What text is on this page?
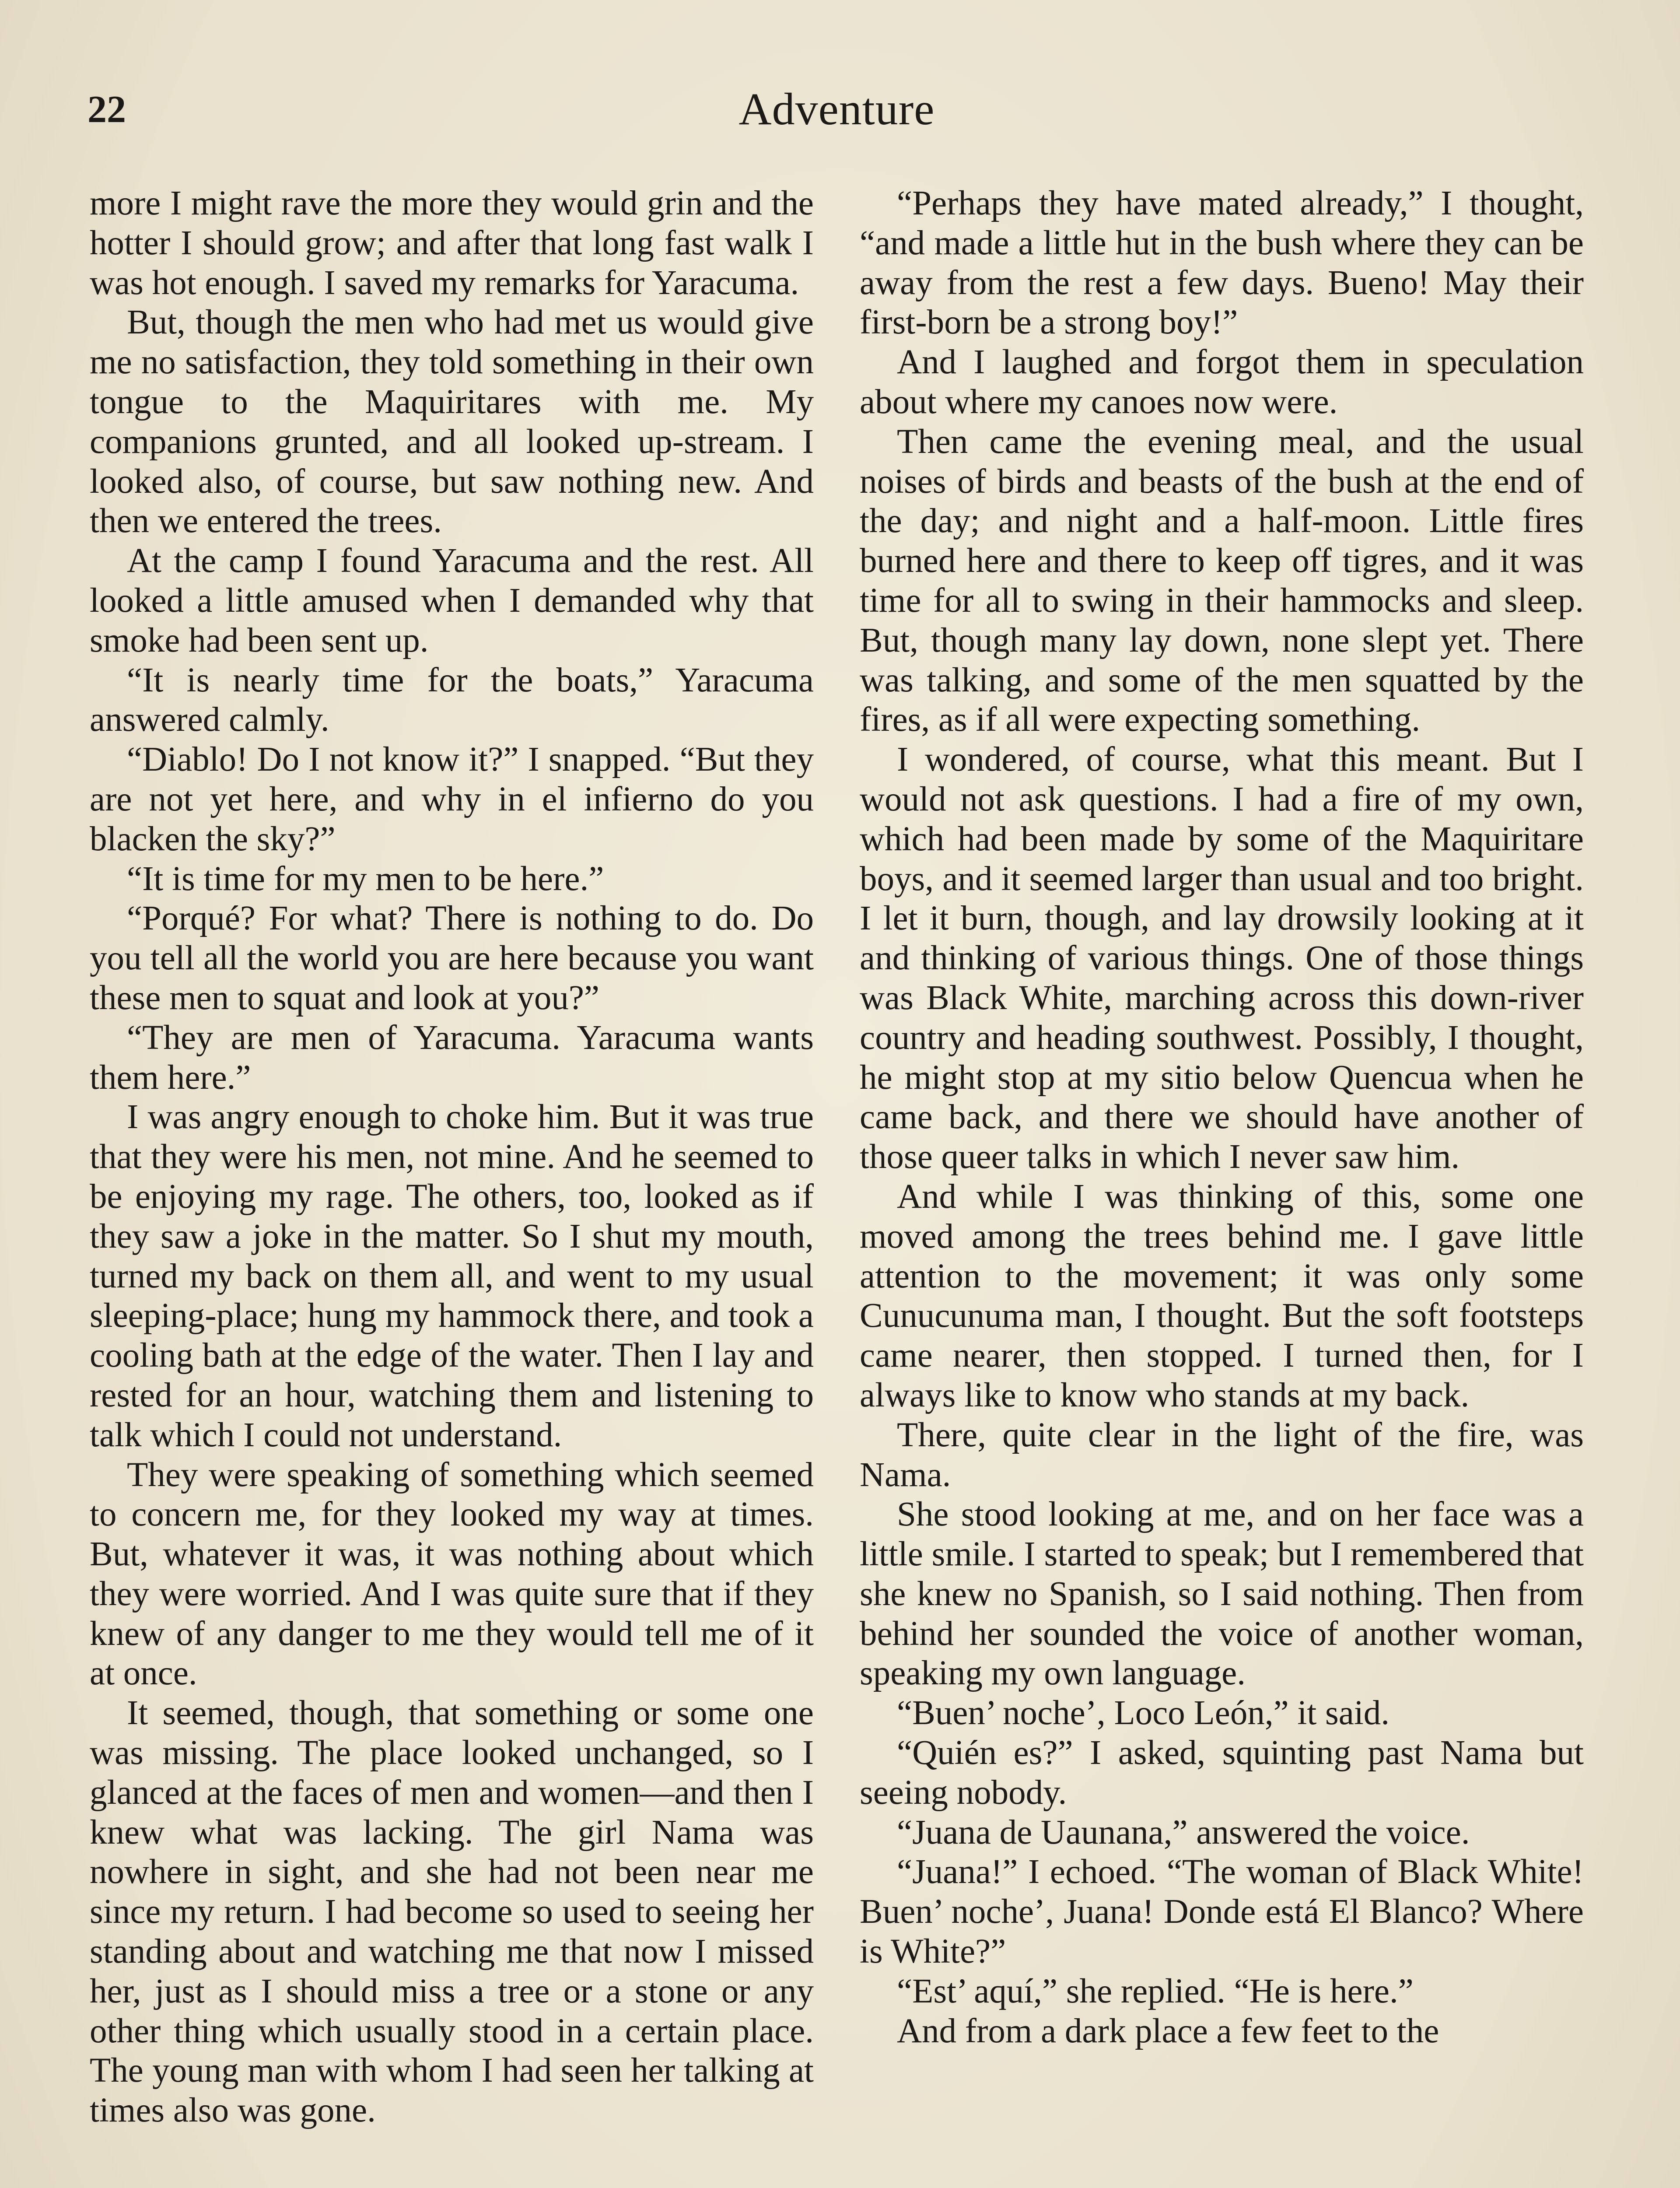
22	Adventure

more I might rave the more they would grin and the hotter I should grow; and after that long fast walk I was hot enough. I saved my remarks for Yaracuma.

But, though the men who had met us would give me no satisfaction, they told something in their own tongue to the Maquiritares with me. My companions grunted, and all looked up-stream. I looked also, of course, but saw nothing new. And then we entered the trees.

At the camp I found Yaracuma and the rest. All looked a little amused when I demanded why that smoke had been sent up.

“It is nearly time for the boats,” Yaracuma answered calmly.

“Diablo! Do I not know it?” I snapped. “But they are not yet here, and why in el infierno do you blacken the sky?”

“It is time for my men to be here.”

“Porqué? For what? There is nothing to do. Do you tell all the world you are here because you want these men to squat and look at you?”

“They are men of Yaracuma. Yaracuma wants them here.”

I was angry enough to choke him. But it was true that they were his men, not mine. And he seemed to be enjoying my rage. The others, too, looked as if they saw a joke in the matter. So I shut my mouth, turned my back on them all, and went to my usual sleeping-place; hung my hammock there, and took a cooling bath at the edge of the water. Then I lay and rested for an hour, watching them and listening to talk which I could not understand.

They were speaking of something which seemed to concern me, for they looked my way at times. But, whatever it was, it was nothing about which they were worried. And I was quite sure that if they knew of any danger to me they would tell me of it at once.

It seemed, though, that something or some one was missing. The place looked unchanged, so I glanced at the faces of men and women—and then I knew what was lacking. The girl Nama was nowhere in sight, and she had not been near me since my return. I had become so used to seeing her standing about and watching me that now I missed her, just as I should miss a tree or a stone or any other thing which usually stood in a certain place. The young man with whom I had seen her talking at times also was gone.

“Perhaps they have mated already,” I thought, “and made a little hut in the bush where they can be away from the rest a few days. Bueno! May their first-born be a strong boy!”

And I laughed and forgot them in speculation about where my canoes now were.

Then came the evening meal, and the usual noises of birds and beasts of the bush at the end of the day; and night and a half-moon. Little fires burned here and there to keep off tigres, and it was time for all to swing in their hammocks and sleep. But, though many lay down, none slept yet. There was talking, and some of the men squatted by the fires, as if all were expecting something.

I wondered, of course, what this meant. But I would not ask questions. I had a fire of my own, which had been made by some of the Maquiritare boys, and it seemed larger than usual and too bright. I let it burn, though, and lay drowsily looking at it and thinking of various things. One of those things was Black White, marching across this down-river country and heading southwest. Possibly, I thought, he might stop at my sitio below Quencua when he came back, and there we should have another of those queer talks in which I never saw him.

And while I was thinking of this, some one moved among the trees behind me. I gave little attention to the movement; it was only some Cunucunuma man, I thought. But the soft footsteps came nearer, then stopped. I turned then, for I always like to know who stands at my back.

There, quite clear in the light of the fire, was Nama.

She stood looking at me, and on her face was a little smile. I started to speak; but I remembered that she knew no Spanish, so I said nothing. Then from behind her sounded the voice of another woman, speaking my own language.

“Buen’ noche’, Loco León,” it said.

“Quién es?” I asked, squinting past Nama but seeing nobody.

“Juana de Uaunana,” answered the voice.

“Juana!” I echoed. “The woman of Black White! Buen’ noche’, Juana! Donde está El Blanco? Where is White?”

“Est’ aquí,” she replied. “He is here.”

And from a dark place a few feet to the
